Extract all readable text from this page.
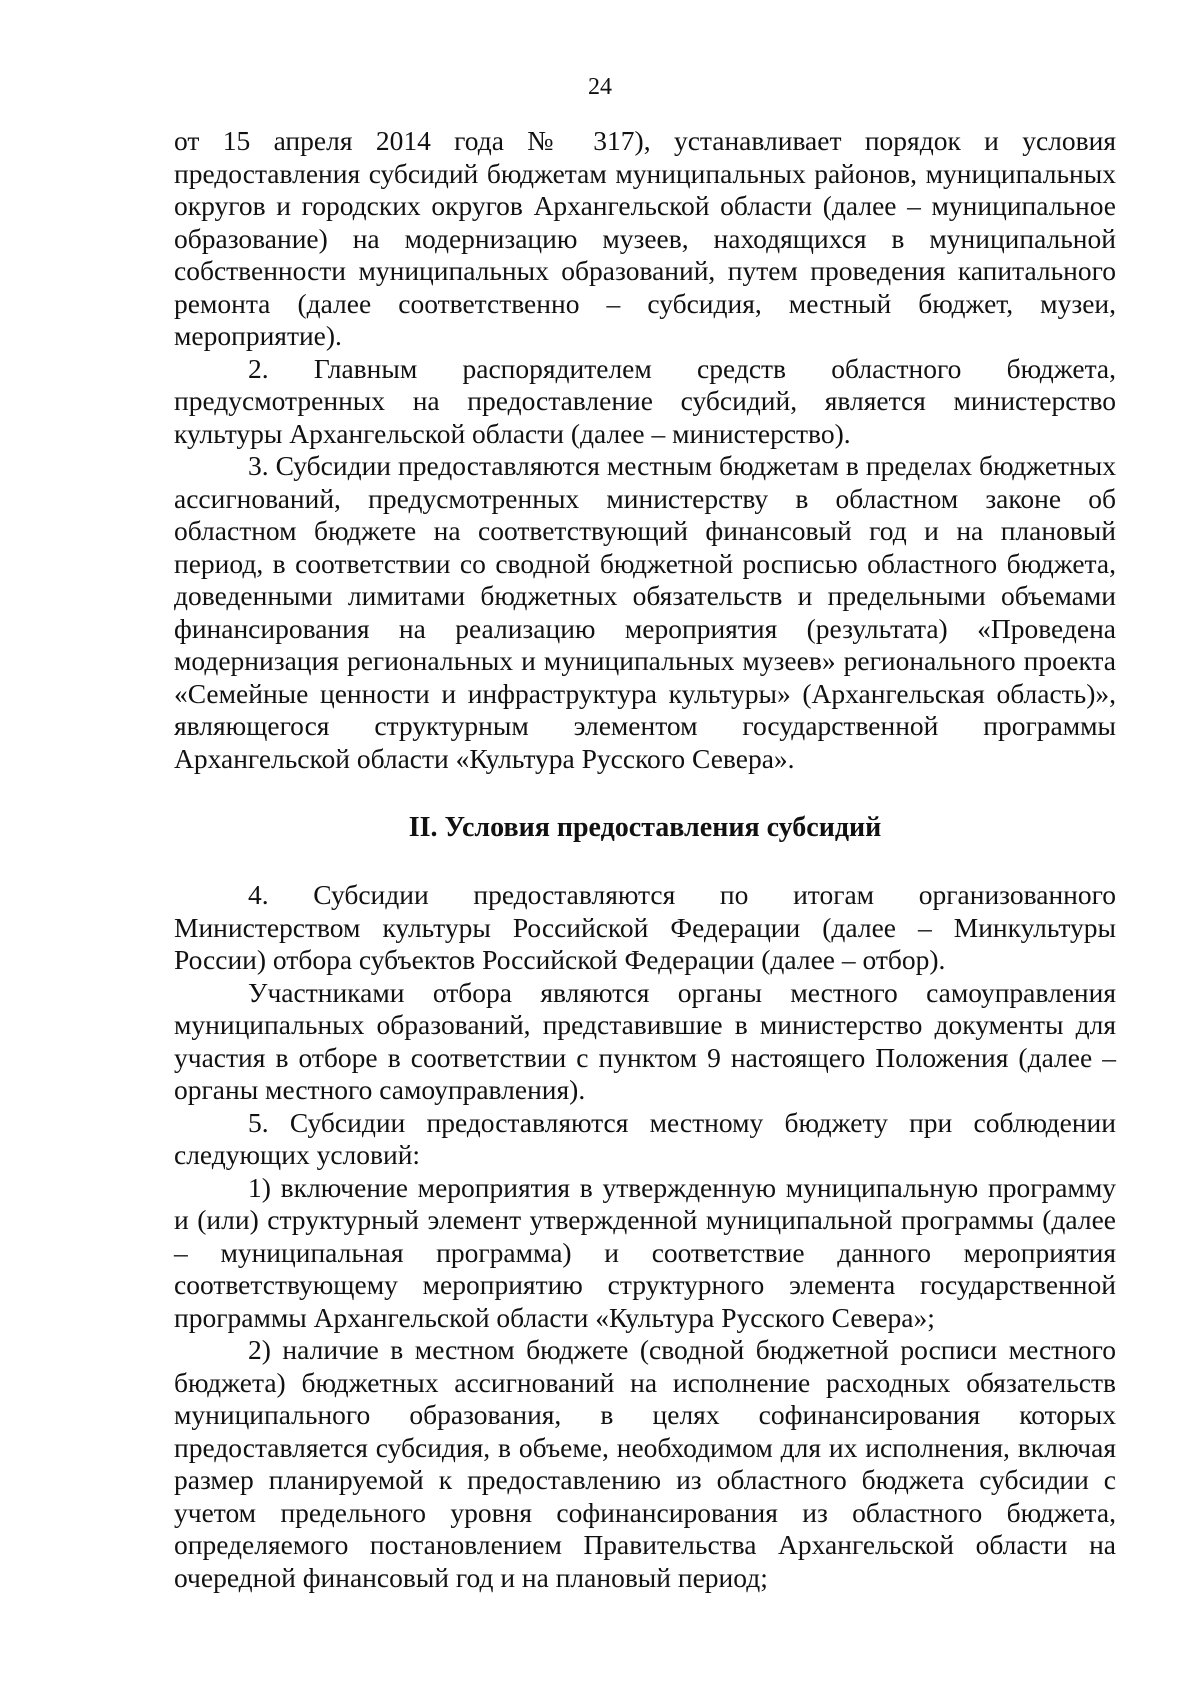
24

от 15 апреля 2014 года № 317), устанавливает порядок и условия предоставления субсидий бюджетам муниципальных районов, муниципальных округов и городских округов Архангельской области (далее – муниципальное образование) на модернизацию музеев, находящихся в муниципальной собственности муниципальных образований, путем проведения капитального ремонта (далее соответственно – субсидия, местный бюджет, музеи, мероприятие).

2. Главным распорядителем средств областного бюджета, предусмотренных на предоставление субсидий, является министерство культуры Архангельской области (далее – министерство).

3. Субсидии предоставляются местным бюджетам в пределах бюджетных ассигнований, предусмотренных министерству в областном законе об областном бюджете на соответствующий финансовый год и на плановый период, в соответствии со сводной бюджетной росписью областного бюджета, доведенными лимитами бюджетных обязательств и предельными объемами финансирования на реализацию мероприятия (результата) «Проведена модернизация региональных и муниципальных музеев» регионального проекта «Семейные ценности и инфраструктура культуры» (Архангельская область)», являющегося структурным элементом государственной программы Архангельской области «Культура Русского Севера».

II. Условия предоставления субсидий

4. Субсидии предоставляются по итогам организованного Министерством культуры Российской Федерации (далее – Минкультуры России) отбора субъектов Российской Федерации (далее – отбор).

Участниками отбора являются органы местного самоуправления муниципальных образований, представившие в министерство документы для участия в отборе в соответствии с пунктом 9 настоящего Положения (далее – органы местного самоуправления).

5. Субсидии предоставляются местному бюджету при соблюдении следующих условий:

1) включение мероприятия в утвержденную муниципальную программу и (или) структурный элемент утвержденной муниципальной программы (далее – муниципальная программа) и соответствие данного мероприятия соответствующему мероприятию структурного элемента государственной программы Архангельской области «Культура Русского Севера»;

2) наличие в местном бюджете (сводной бюджетной росписи местного бюджета) бюджетных ассигнований на исполнение расходных обязательств муниципального образования, в целях софинансирования которых предоставляется субсидия, в объеме, необходимом для их исполнения, включая размер планируемой к предоставлению из областного бюджета субсидии с учетом предельного уровня софинансирования из областного бюджета, определяемого постановлением Правительства Архангельской области на очередной финансовый год и на плановый период;
